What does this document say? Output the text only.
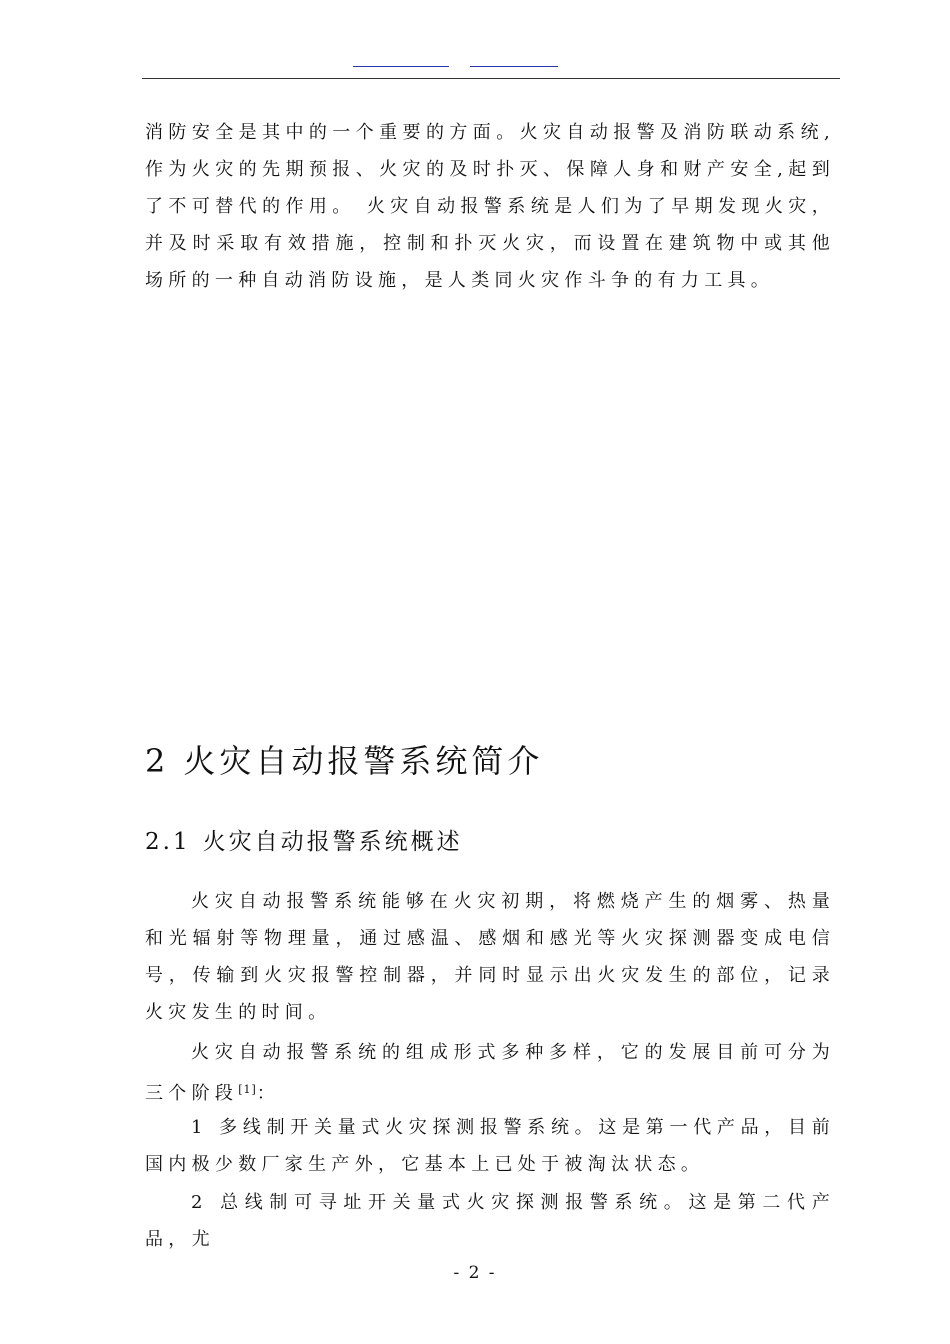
消防安全是其中的一个重要的方面。火灾自动报警及消防联动系统,作为火灾的先期预报、火灾的及时扑灭、保障人身和财产安全,起到了不可替代的作用。 火灾自动报警系统是人们为了早期发现火灾，并及时采取有效措施，控制和扑灭火灾，而设置在建筑物中或其他场所的一种自动消防设施，是人类同火灾作斗争的有力工具。

2 火灾自动报警系统简介
2.1 火灾自动报警系统概述

火灾自动报警系统能够在火灾初期，将燃烧产生的烟雾、热量和光辐射等物理量，通过感温、感烟和感光等火灾探测器变成电信号，传输到火灾报警控制器，并同时显示出火灾发生的部位，记录火灾发生的时间。

火灾自动报警系统的组成形式多种多样，它的发展目前可分为三个阶段[1]：

1 多线制开关量式火灾探测报警系统。这是第一代产品，目前国内极少数厂家生产外，它基本上已处于被淘汰状态。

2 总线制可寻址开关量式火灾探测报警系统。这是第二代产品，尤

- 2 -
